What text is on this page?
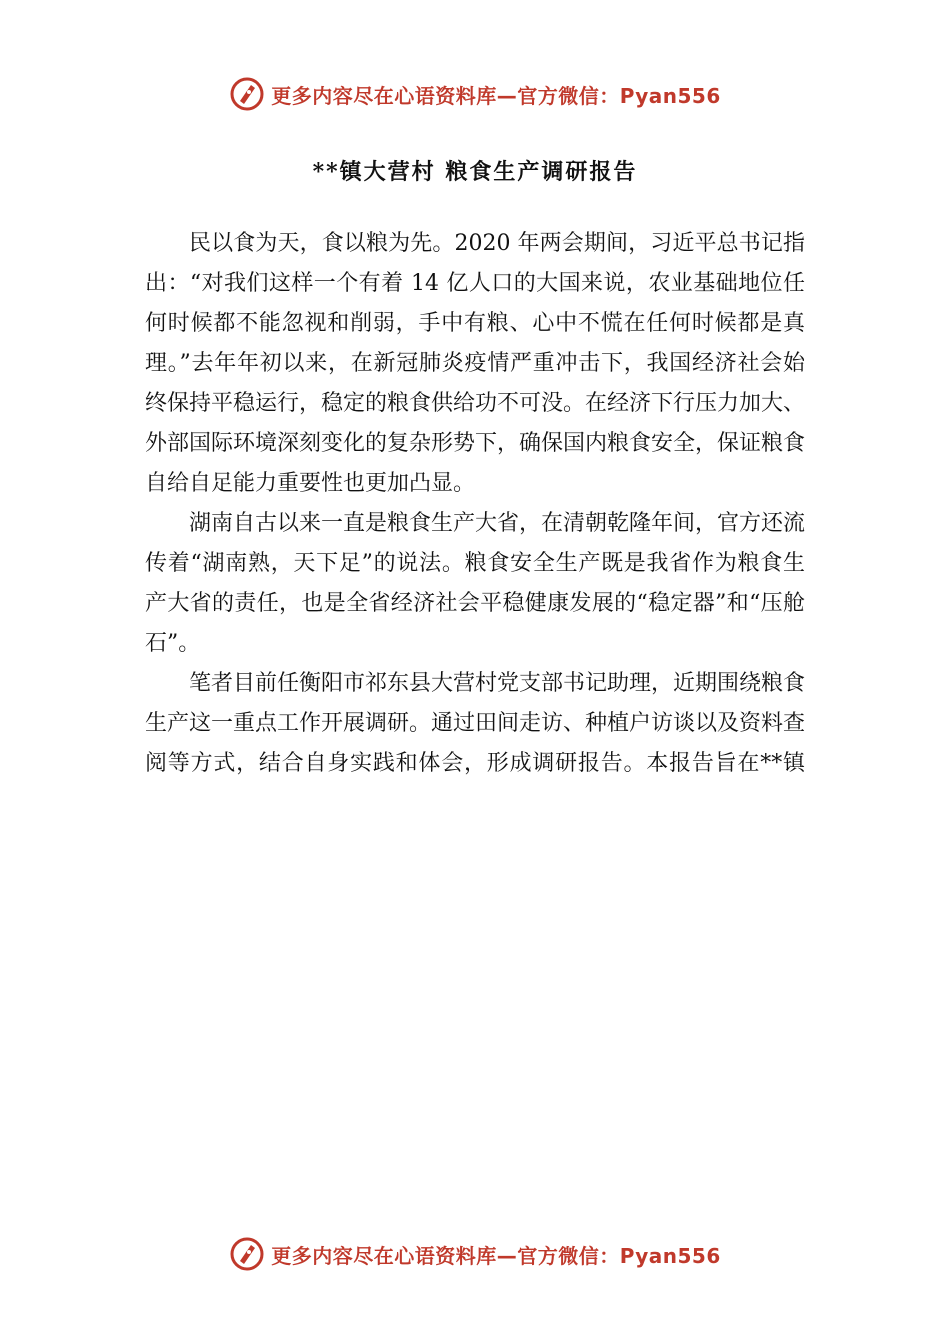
更多内容尽在心语资料库—官方微信：Pyan556
**镇大营村 粮食生产调研报告

民以食为天，食以粮为先。2020 年两会期间，习近平总书记指出：“对我们这样一个有着 14 亿人口的大国来说，农业基础地位任何时候都不能忽视和削弱，手中有粮、心中不慌在任何时候都是真理。”去年年初以来，在新冠肺炎疫情严重冲击下，我国经济社会始终保持平稳运行，稳定的粮食供给功不可没。在经济下行压力加大、外部国际环境深刻变化的复杂形势下，确保国内粮食安全，保证粮食自给自足能力重要性也更加凸显。

湖南自古以来一直是粮食生产大省，在清朝乾隆年间，官方还流传着“湖南熟，天下足”的说法。粮食安全生产既是我省作为粮食生产大省的责任，也是全省经济社会平稳健康发展的“稳定器”和“压舱石”。

笔者目前任衡阳市祁东县大营村党支部书记助理，近期围绕粮食生产这一重点工作开展调研。通过田间走访、种植户访谈以及资料查阅等方式，结合自身实践和体会，形成调研报告。本报告旨在**镇

更多内容尽在心语资料库—官方微信：Pyan556
